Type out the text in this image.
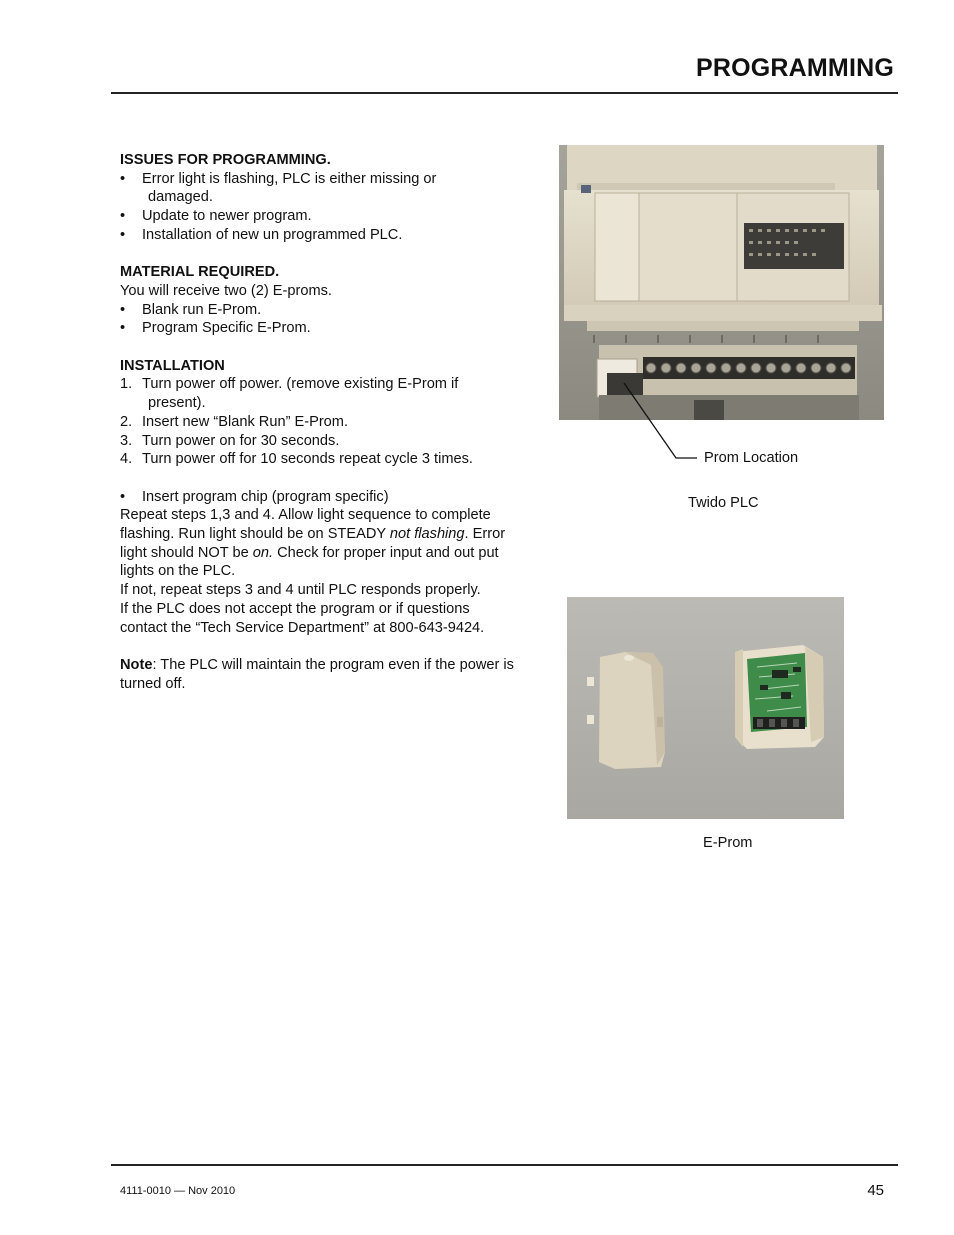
PROGRAMMING

ISSUES FOR PROGRAMMING.

• Error light is flashing, PLC is either missing or
damaged.

• Update to newer program.

• Installation of new un programmed PLC.

MATERIAL REQUIRED.

You will receive two (2) E-proms.

• Blank run E-Prom.

• Program Specific E-Prom.

INSTALLATION

1. Turn power off power. (remove existing E-Prom if
present).

2. Insert new “Blank Run” E-Prom.

3. Turn power on for 30 seconds.

4. Turn power off for 10 seconds repeat cycle 3 times.

• Insert program chip (program specific)

Repeat steps 1,3 and 4. Allow light sequence to complete flashing. Run light should be on STEADY not flashing. Error light should NOT be on. Check for proper input and out put lights on the PLC.

If not, repeat steps 3 and 4 until PLC responds properly.

If the PLC does not accept the program or if questions contact the “Tech Service Department” at 800-643-9424.

Note: The PLC will maintain the program even if the power is turned off.

Prom Location
Twido PLC
E-Prom
4111-0010 — Nov 2010	45
